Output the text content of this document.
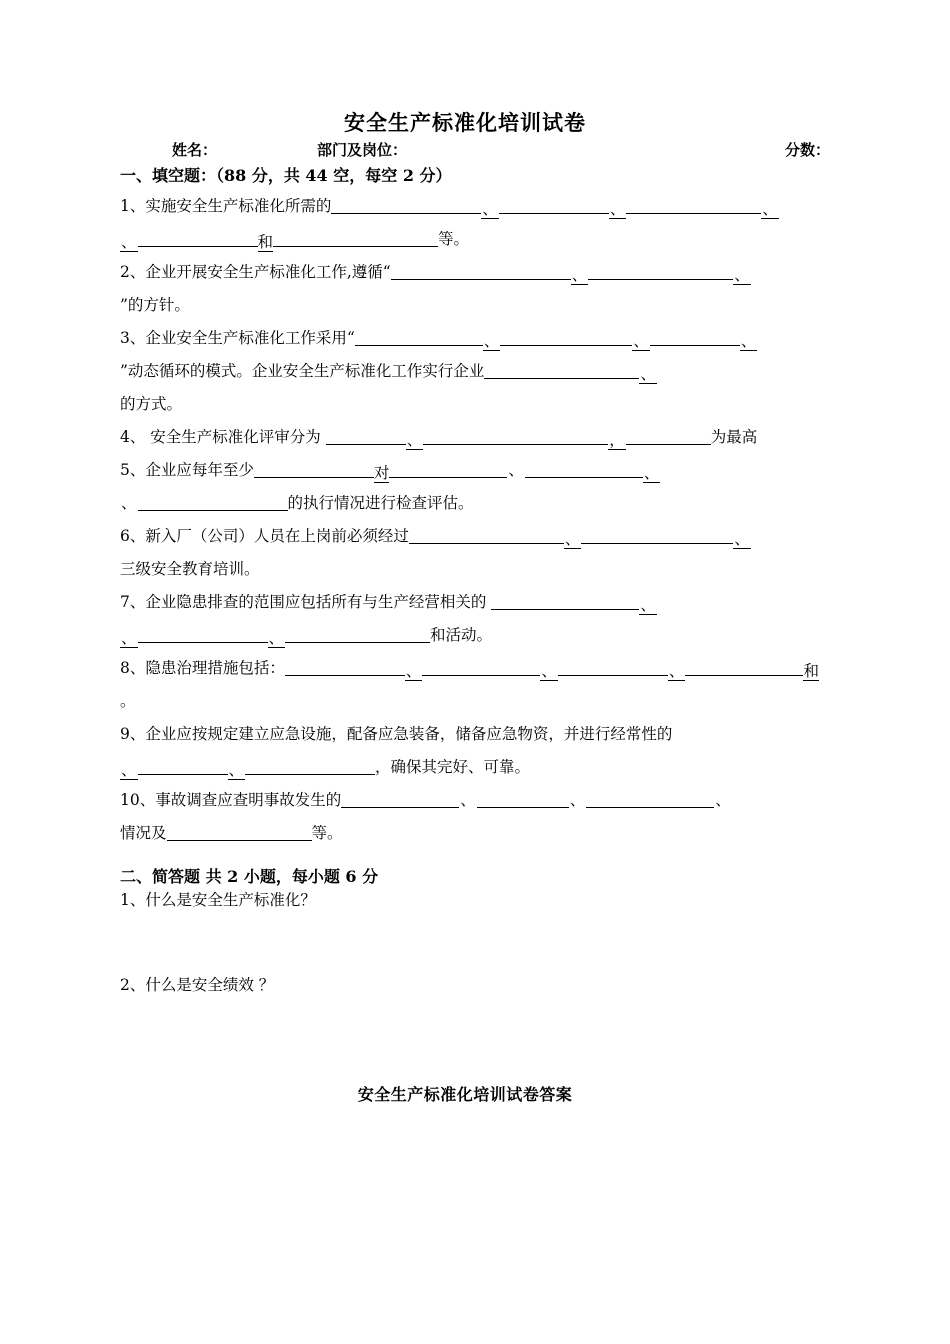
安全生产标准化培训试卷
姓名：	部门及岗位：	分数：
一、填空题：（88 分，共 44 空，每空 2 分）
1、实施安全生产标准化所需的	、	、	、
、	和	等。
2、企业开展安全生产标准化工作,遵循“	、	、
”的方针。
3、企业安全生产标准化工作采用“	、	、	、
”动态循环的模式。企业安全生产标准化工作实行企业	、
的方式。
4、 安全生产标准化评审分为	、	，	为最高
5、企业应每年至少	对	、	、
、	的执行情况进行检查评估。
6、新入厂（公司）人员在上岗前必须经过	、	、
三级安全教育培训。
7、企业隐患排查的范围应包括所有与生产经营相关的	、
、	、	和活动。
8、隐患治理措施包括：	、	、	、	和
。
9、企业应按规定建立应急设施，配备应急装备，储备应急物资，并进行经常性的
、	、	，确保其完好、可靠。
10、事故调查应查明事故发生的	、	、	、
情况及	等。
二、简答题 共 2 小题，每小题 6 分
1、什么是安全生产标准化？
2、什么是安全绩效 ？
安全生产标准化培训试卷答案
